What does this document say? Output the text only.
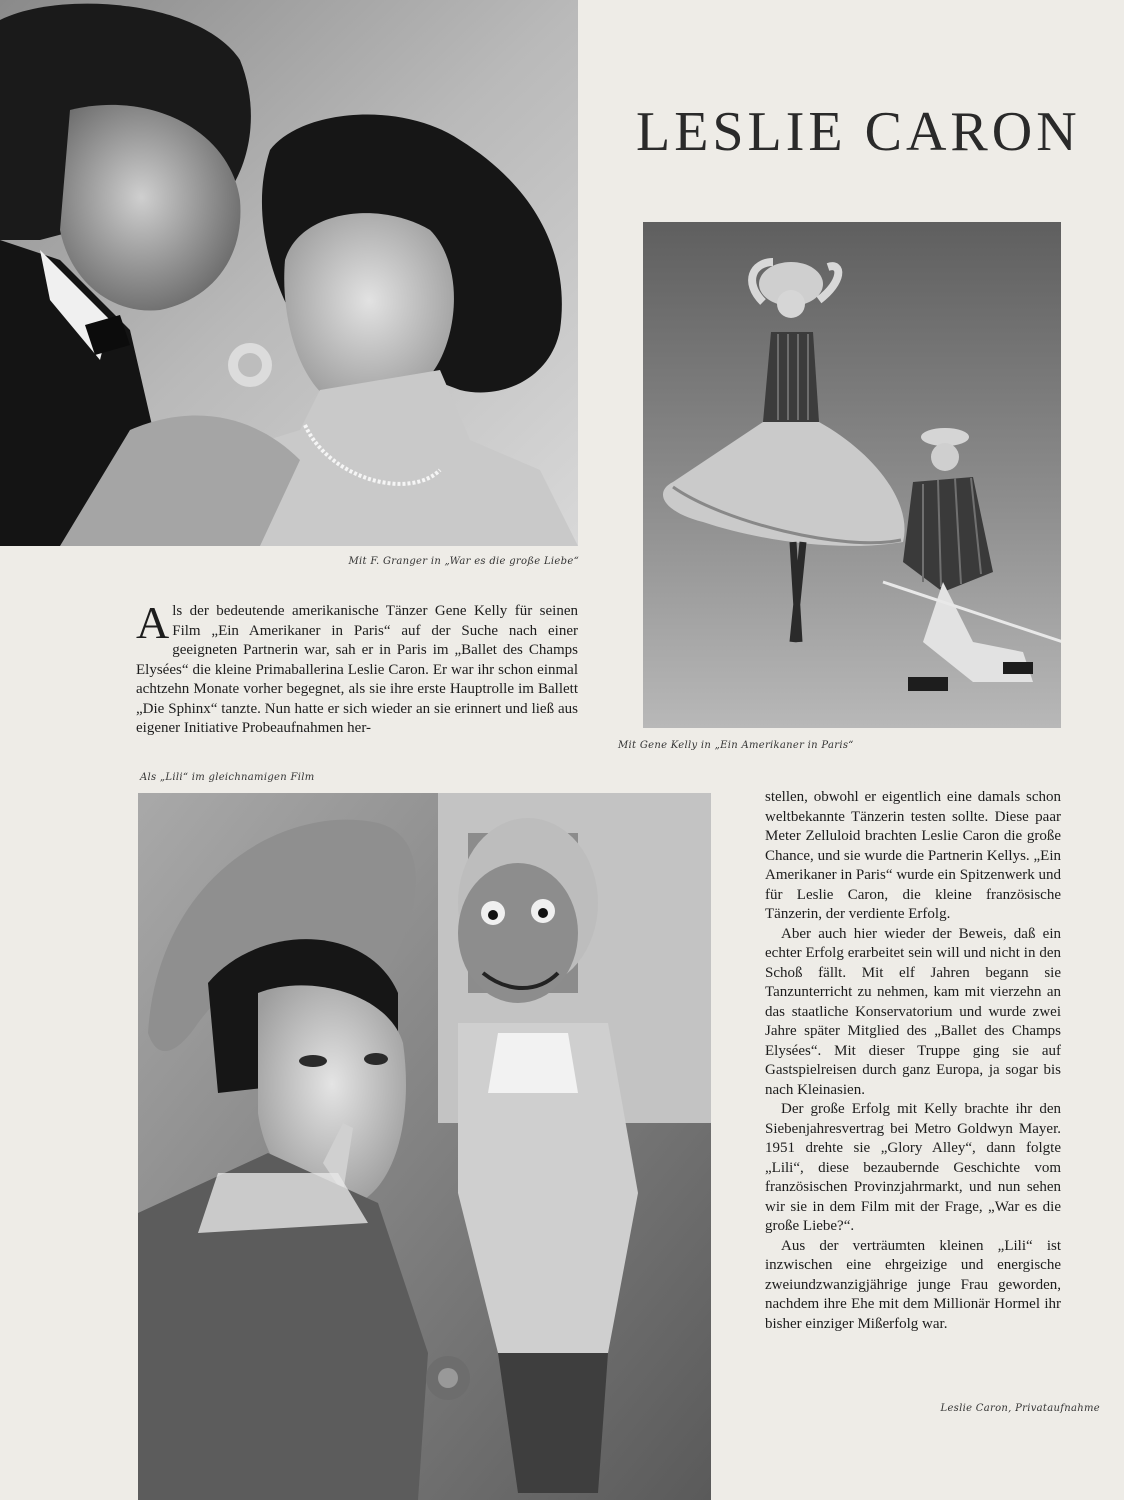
Mit F. Granger in „War es die große Liebe“
LESLIE CARON
Mit Gene Kelly in „Ein Amerikaner in Paris“

Als der bedeutende amerikanische Tänzer Gene Kelly für seinen Film „Ein Amerikaner in Paris“ auf der Suche nach einer geeigneten Partnerin war, sah er in Paris im „Ballet des Champs Elysées“ die kleine Primaballerina Leslie Caron. Er war ihr schon einmal achtzehn Monate vorher begegnet, als sie ihre erste Hauptrolle im Ballett „Die Sphinx“ tanzte. Nun hatte er sich wieder an sie erinnert und ließ aus eigener Initiative Probeaufnahmen her-

Als „Lili“ im gleichnamigen Film

stellen, obwohl er eigentlich eine damals schon weltbekannte Tänzerin testen sollte. Diese paar Meter Zelluloid brachten Leslie Caron die große Chance, und sie wurde die Partnerin Kellys. „Ein Amerikaner in Paris“ wurde ein Spitzenwerk und für Leslie Caron, die kleine französische Tänzerin, der verdiente Erfolg.

Aber auch hier wieder der Beweis, daß ein echter Erfolg erarbeitet sein will und nicht in den Schoß fällt. Mit elf Jahren begann sie Tanzunterricht zu nehmen, kam mit vierzehn an das staatliche Konservatorium und wurde zwei Jahre später Mitglied des „Ballet des Champs Elysées“. Mit dieser Truppe ging sie auf Gastspielreisen durch ganz Europa, ja sogar bis nach Kleinasien.

Der große Erfolg mit Kelly brachte ihr den Siebenjahresvertrag bei Metro Goldwyn Mayer. 1951 drehte sie „Glory Alley“, dann folgte „Lili“, diese bezaubernde Geschichte vom französischen Provinzjahrmarkt, und nun sehen wir sie in dem Film mit der Frage, „War es die große Liebe?“.

Aus der verträumten kleinen „Lili“ ist inzwischen eine ehrgeizige und energische zweiundzwanzigjährige junge Frau geworden, nachdem ihre Ehe mit dem Millionär Hormel ihr bisher einziger Mißerfolg war.

Leslie Caron, Privataufnahme
